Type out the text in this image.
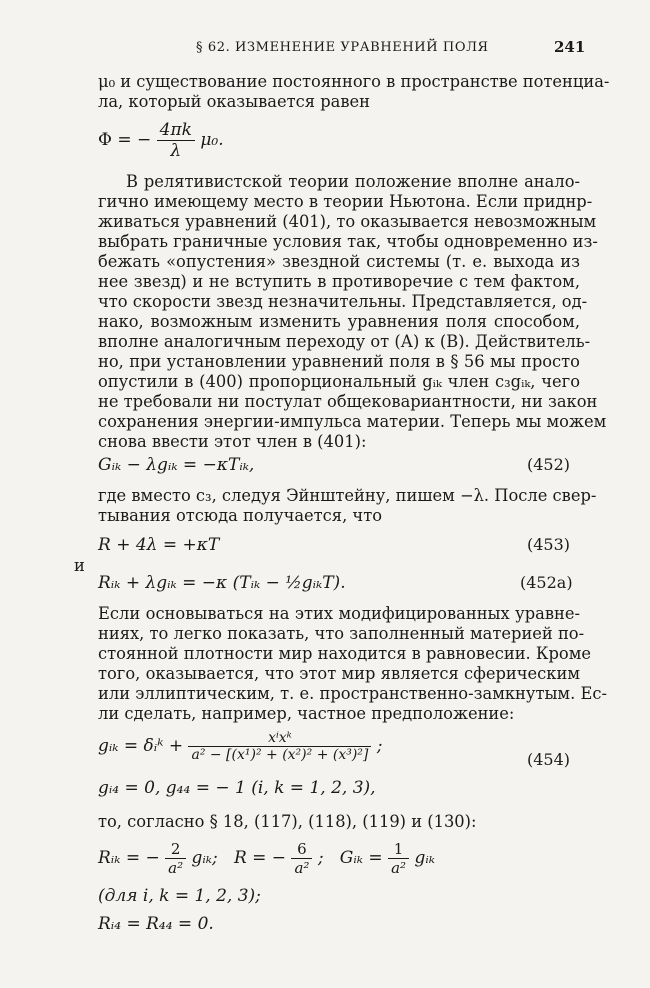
§ 62. ИЗМЕНЕНИЕ УРАВНЕНИЙ ПОЛЯ	241
μ₀ и существование постоянного в пространстве потенциа-
ла, который оказывается равен
Φ = − $\frac{4\pi k}{\lambda} \mu_0$.
В релятивистской теории положение вполне анало-
гично имеющему место в теории Ньютона. Если приднр-
живаться уравнений (401), то оказывается невозможным
выбрать граничные условия так, чтобы одновременно из-
бежать «опустения» звездной системы (т. е. выхода из
нее звезд) и не вступить в противоречие с тем фактом,
что скорости звезд незначительны. Представляется, од-
нако, возможным изменить уравнения поля способом,
вполне аналогичным переходу от (А) к (В). Действитель-
но, при установлении уравнений поля в § 56 мы просто
опустили в (400) пропорциональный gᵢₖ член c₃gᵢₖ, чего
не требовали ни постулат общековариантности, ни закон
сохранения энергии-импульса материи. Теперь мы можем
снова ввести этот член в (401):
Gᵢₖ − λgᵢₖ = −κTᵢₖ,	(452)
где вместо c₃, следуя Эйнштейну, пишем −λ. После свер-
тывания отсюда получается, что
R + 4λ = +κT	(453)
и
Rᵢₖ + λgᵢₖ = −κ (Tᵢₖ − ½gᵢₖT).	(452a)
Если основываться на этих модифицированных уравне-
ниях, то легко показать, что заполненный материей по-
стоянной плотности мир находится в равновесии. Кроме
того, оказывается, что этот мир является сферическим
или эллиптическим, т. е. пространственно-замкнутым. Ес-
ли сделать, например, частное предположение:
gᵢₖ = δᵢᵏ + $\frac{\text{xⁱxᵏ}}{\text{a² − [(x¹)² + (x²)² + (x³)²]}}$ ;
(454)
gᵢ₄ = 0, g₄₄ = − 1 (i, k = 1, 2, 3),
то, согласно § 18, (117), (118), (119) и (130):
Rᵢₖ = − $\frac{2}{\text{a²}}$ gᵢₖ; R = − $\frac{6}{\text{a²}}$ ; Gᵢₖ = $\frac{1}{\text{a²}}$ gᵢₖ
(для i, k = 1, 2, 3);
Rᵢ₄ = R₄₄ = 0.
